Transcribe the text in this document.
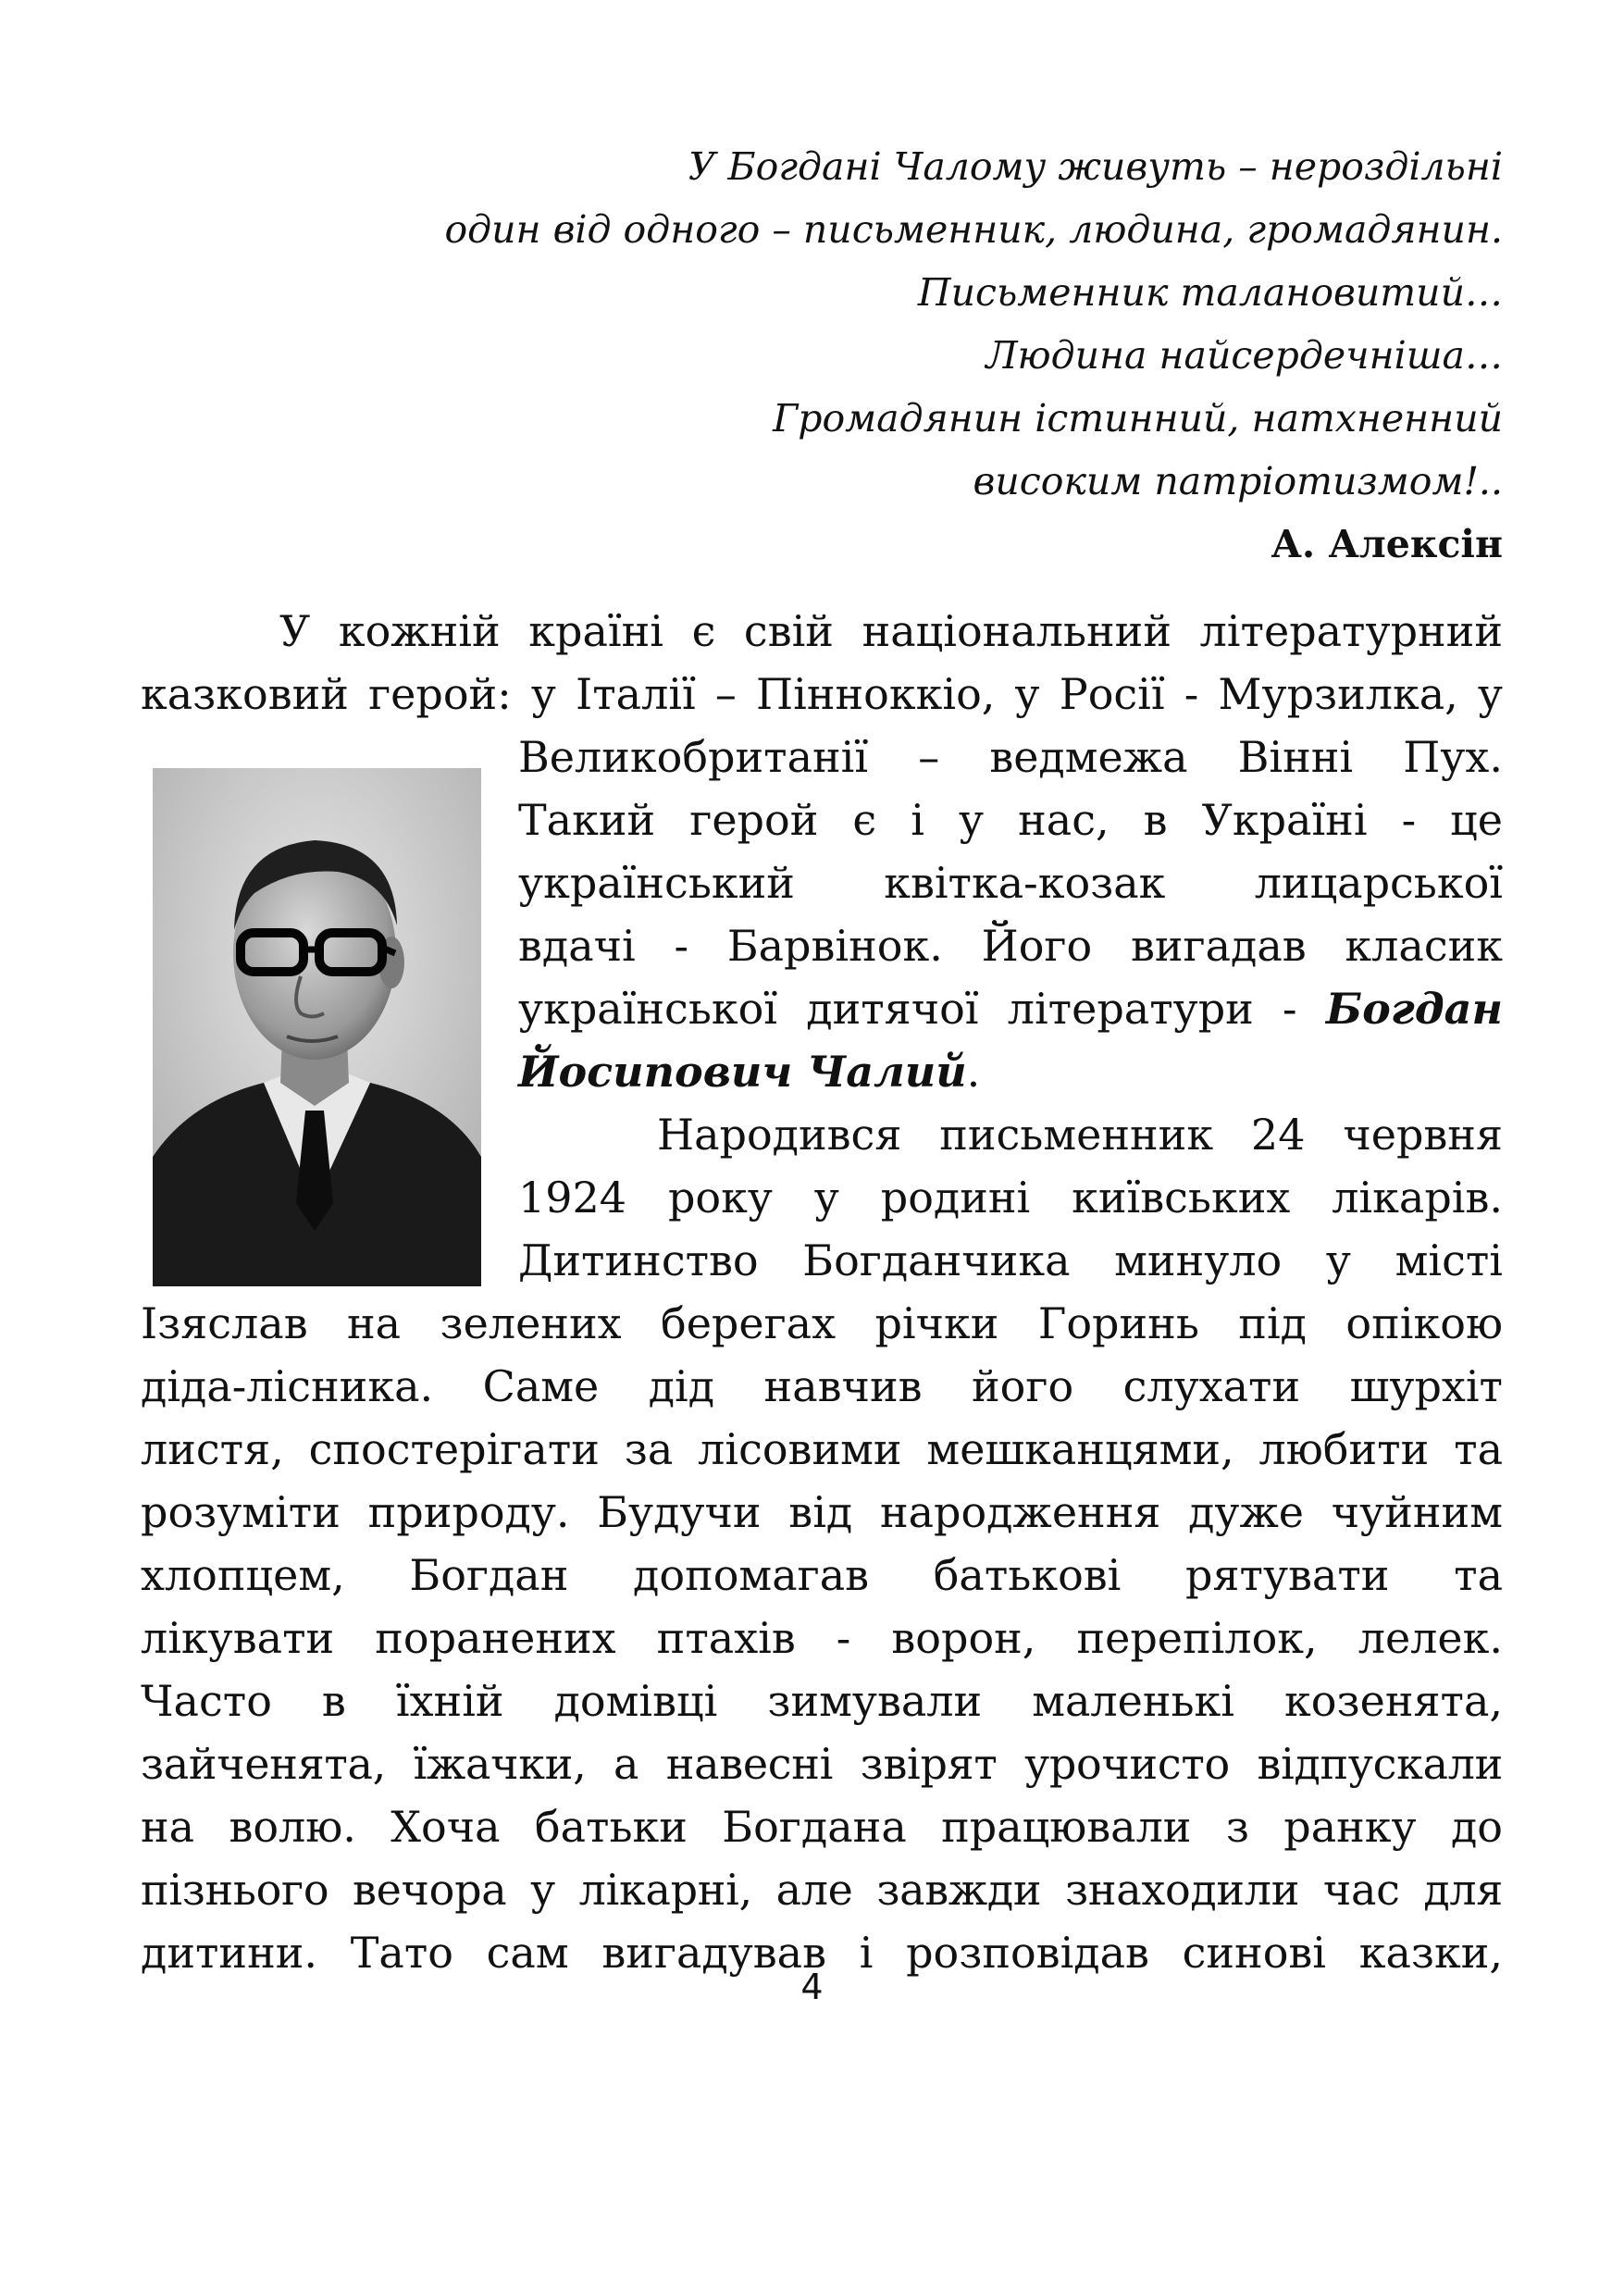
У Богдані Чалому живуть – нероздільні
один від одного – письменник, людина, громадянин.
Письменник талановитий…
Людина найсердечніша…
Громадянин істинний, натхненний
високим патріотизмом!..
А. Алексін
У кожній країні є свій національний літературний
казковий герой: у Італії – Пінноккіо, у Росії - Мурзилка, у
Великобританії – ведмежа Вінні Пух.
Такий герой є і у нас, в Україні - це
український квітка-козак лицарської
вдачі - Барвінок. Його вигадав класик
української дитячої літератури - Богдан
Йосипович Чалий.
Народився письменник 24 червня
1924 року у родині київських лікарів.
Дитинство Богданчика минуло у місті
Ізяслав на зелених берегах річки Горинь під опікою
діда-лісника. Саме дід навчив його слухати шурхіт
листя, спостерігати за лісовими мешканцями, любити та
розуміти природу. Будучи від народження дуже чуйним
хлопцем, Богдан допомагав батькові рятувати та
лікувати поранених птахів - ворон, перепілок, лелек.
Часто в їхній домівці зимували маленькі козенята,
зайченята, їжачки, а навесні звірят урочисто відпускали
на волю. Хоча батьки Богдана працювали з ранку до
пізнього вечора у лікарні, але завжди знаходили час для
дитини. Тато сам вигадував і розповідав синові казки,
4
